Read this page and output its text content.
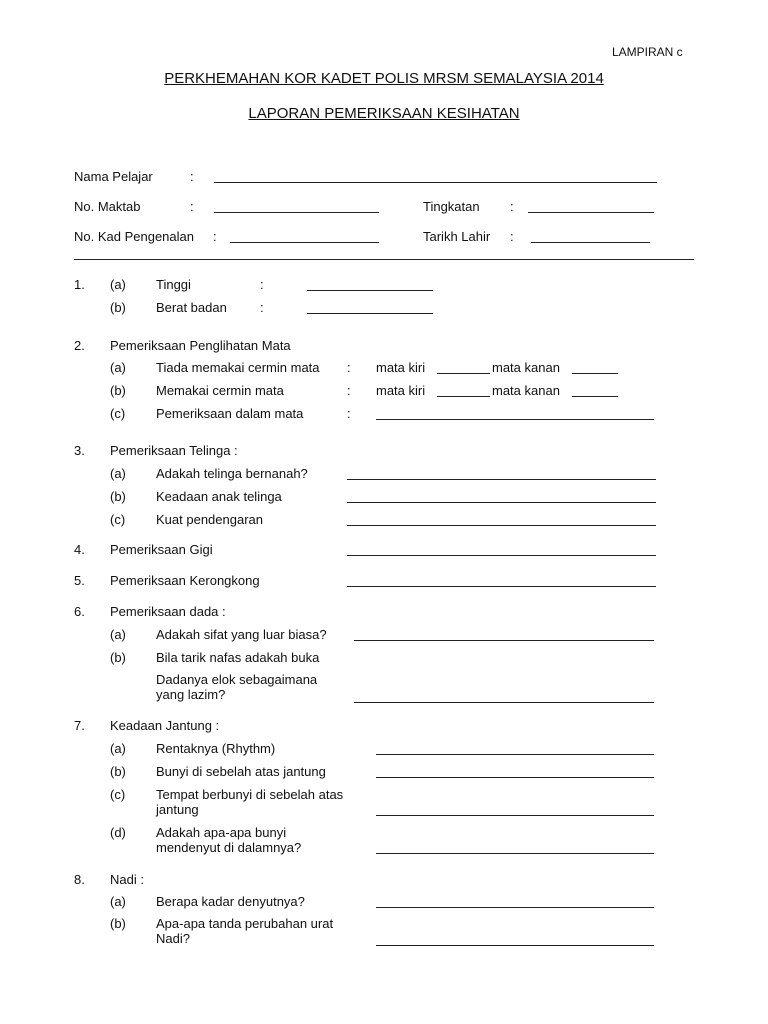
LAMPIRAN c
PERKHEMAHAN KOR KADET POLIS MRSM SEMALAYSIA 2014
LAPORAN PEMERIKSAAN KESIHATAN
Nama Pelajar	:
No. Maktab	:	Tingkatan :
No. Kad Pengenalan :	Tarikh Lahir :
1. (a) Tinggi	:
(b) Berat badan	:
2. Pemeriksaan Penglihatan Mata
(a) Tiada memakai cermin mata : mata kiri	mata kanan
(b) Memakai cermin mata	: mata kiri	mata kanan
(c) Pemeriksaan dalam mata	:
3. Pemeriksaan Telinga :
(a) Adakah telinga bernanah?
(b) Keadaan anak telinga
(c) Kuat pendengaran
4. Pemeriksaan Gigi
5. Pemeriksaan Kerongkong
6. Pemeriksaan dada :
(a) Adakah sifat yang luar biasa?
(b) Bila tarik nafas adakah buka
Dadanya elok sebagaimana yang lazim?
7. Keadaan Jantung :
(a) Rentaknya (Rhythm)
(b) Bunyi di sebelah atas jantung
(c) Tempat berbunyi di sebelah atas jantung
(d) Adakah apa-apa bunyi mendenyut di dalamnya?
8. Nadi :
(a) Berapa kadar denyutnya?
(b) Apa-apa tanda perubahan urat Nadi?
